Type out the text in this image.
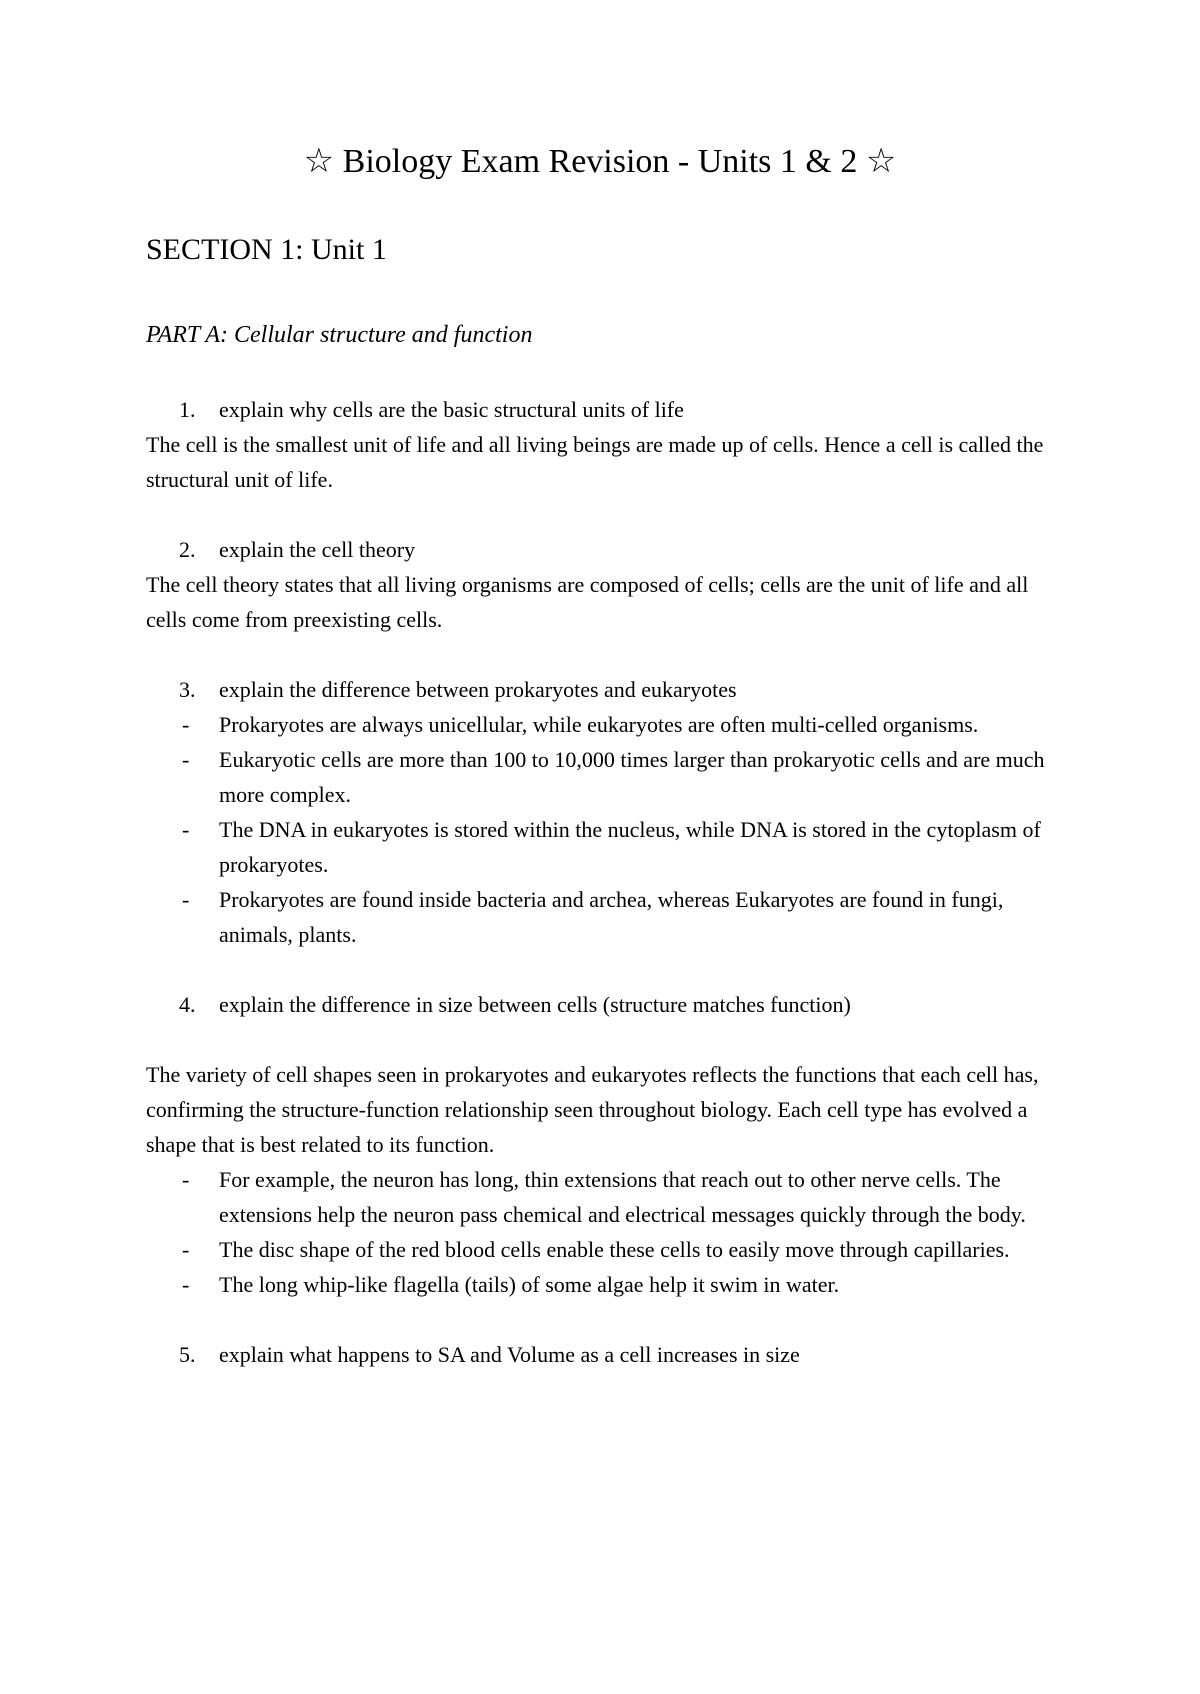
☆ Biology Exam Revision - Units 1 & 2 ☆
SECTION 1: Unit 1
PART A: Cellular structure and function
1. explain why cells are the basic structural units of life

The cell is the smallest unit of life and all living beings are made up of cells. Hence a cell is called the structural unit of life.

2. explain the cell theory

The cell theory states that all living organisms are composed of cells; cells are the unit of life and all cells come from preexisting cells.

3. explain the difference between prokaryotes and eukaryotes
- Prokaryotes are always unicellular, while eukaryotes are often multi-celled organisms.
- Eukaryotic cells are more than 100 to 10,000 times larger than prokaryotic cells and are much more complex.
- The DNA in eukaryotes is stored within the nucleus, while DNA is stored in the cytoplasm of prokaryotes.
- Prokaryotes are found inside bacteria and archea, whereas Eukaryotes are found in fungi, animals, plants.
4. explain the difference in size between cells (structure matches function)

The variety of cell shapes seen in prokaryotes and eukaryotes reflects the functions that each cell has, confirming the structure-function relationship seen throughout biology. Each cell type has evolved a shape that is best related to its function.

- For example, the neuron has long, thin extensions that reach out to other nerve cells. The extensions help the neuron pass chemical and electrical messages quickly through the body.
- The disc shape of the red blood cells enable these cells to easily move through capillaries.
- The long whip-like flagella (tails) of some algae help it swim in water.
5. explain what happens to SA and Volume as a cell increases in size
